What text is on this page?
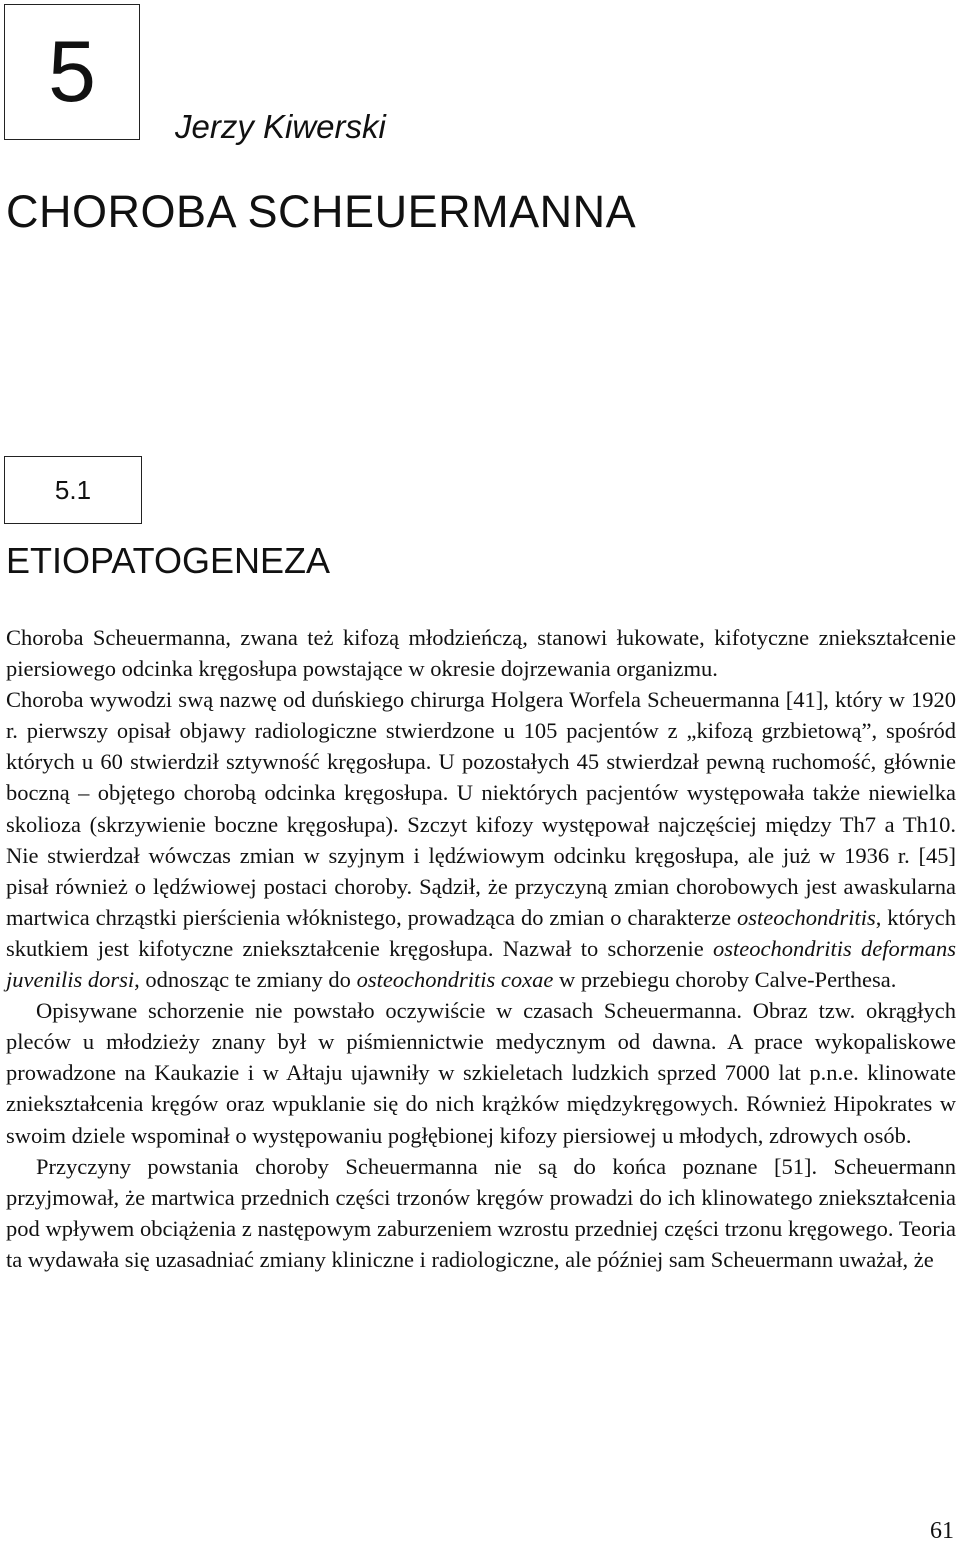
5
Jerzy Kiwerski
CHOROBA SCHEUERMANNA
5.1
ETIOPATOGENEZA

Choroba Scheuermanna, zwana też kifozą młodzieńczą, stanowi łukowate, kifotyczne zniekształcenie piersiowego odcinka kręgosłupa powstające w okresie dojrzewania organizmu.

Choroba wywodzi swą nazwę od duńskiego chirurga Holgera Worfela Scheuermanna [41], który w 1920 r. pierwszy opisał objawy radiologiczne stwierdzone u 105 pacjentów z „kifozą grzbietową”, spośród których u 60 stwierdził sztywność kręgosłupa. U pozostałych 45 stwierdzał pewną ruchomość, głównie boczną – objętego chorobą odcinka kręgosłupa. U niektórych pacjentów występowała także niewielka skolioza (skrzywienie boczne kręgosłupa). Szczyt kifozy występował najczęściej między Th7 a Th10. Nie stwierdzał wówczas zmian w szyjnym i lędźwiowym odcinku kręgosłupa, ale już w 1936 r. [45] pisał również o lędźwiowej postaci choroby. Sądził, że przyczyną zmian chorobowych jest awaskularna martwica chrząstki pierścienia włóknistego, prowadząca do zmian o charakterze osteochondritis, których skutkiem jest kifotyczne zniekształcenie kręgosłupa. Nazwał to schorzenie osteochondritis deformans juvenilis dorsi, odnosząc te zmiany do osteochondritis coxae w przebiegu choroby Calve-Perthesa.

Opisywane schorzenie nie powstało oczywiście w czasach Scheuermanna. Obraz tzw. okrągłych pleców u młodzieży znany był w piśmiennictwie medycznym od dawna. A prace wykopaliskowe prowadzone na Kaukazie i w Ałtaju ujawniły w szkieletach ludzkich sprzed 7000 lat p.n.e. klinowate zniekształcenia kręgów oraz wpuklanie się do nich krążków międzykręgowych. Również Hipokrates w swoim dziele wspominał o występowaniu pogłębionej kifozy piersiowej u młodych, zdrowych osób.

Przyczyny powstania choroby Scheuermanna nie są do końca poznane [51]. Scheuermann przyjmował, że martwica przednich części trzonów kręgów prowadzi do ich klinowatego zniekształcenia pod wpływem obciążenia z następowym zaburzeniem wzrostu przedniej części trzonu kręgowego. Teoria ta wydawała się uzasadniać zmiany kliniczne i radiologiczne, ale później sam Scheuermann uważał, że

61
